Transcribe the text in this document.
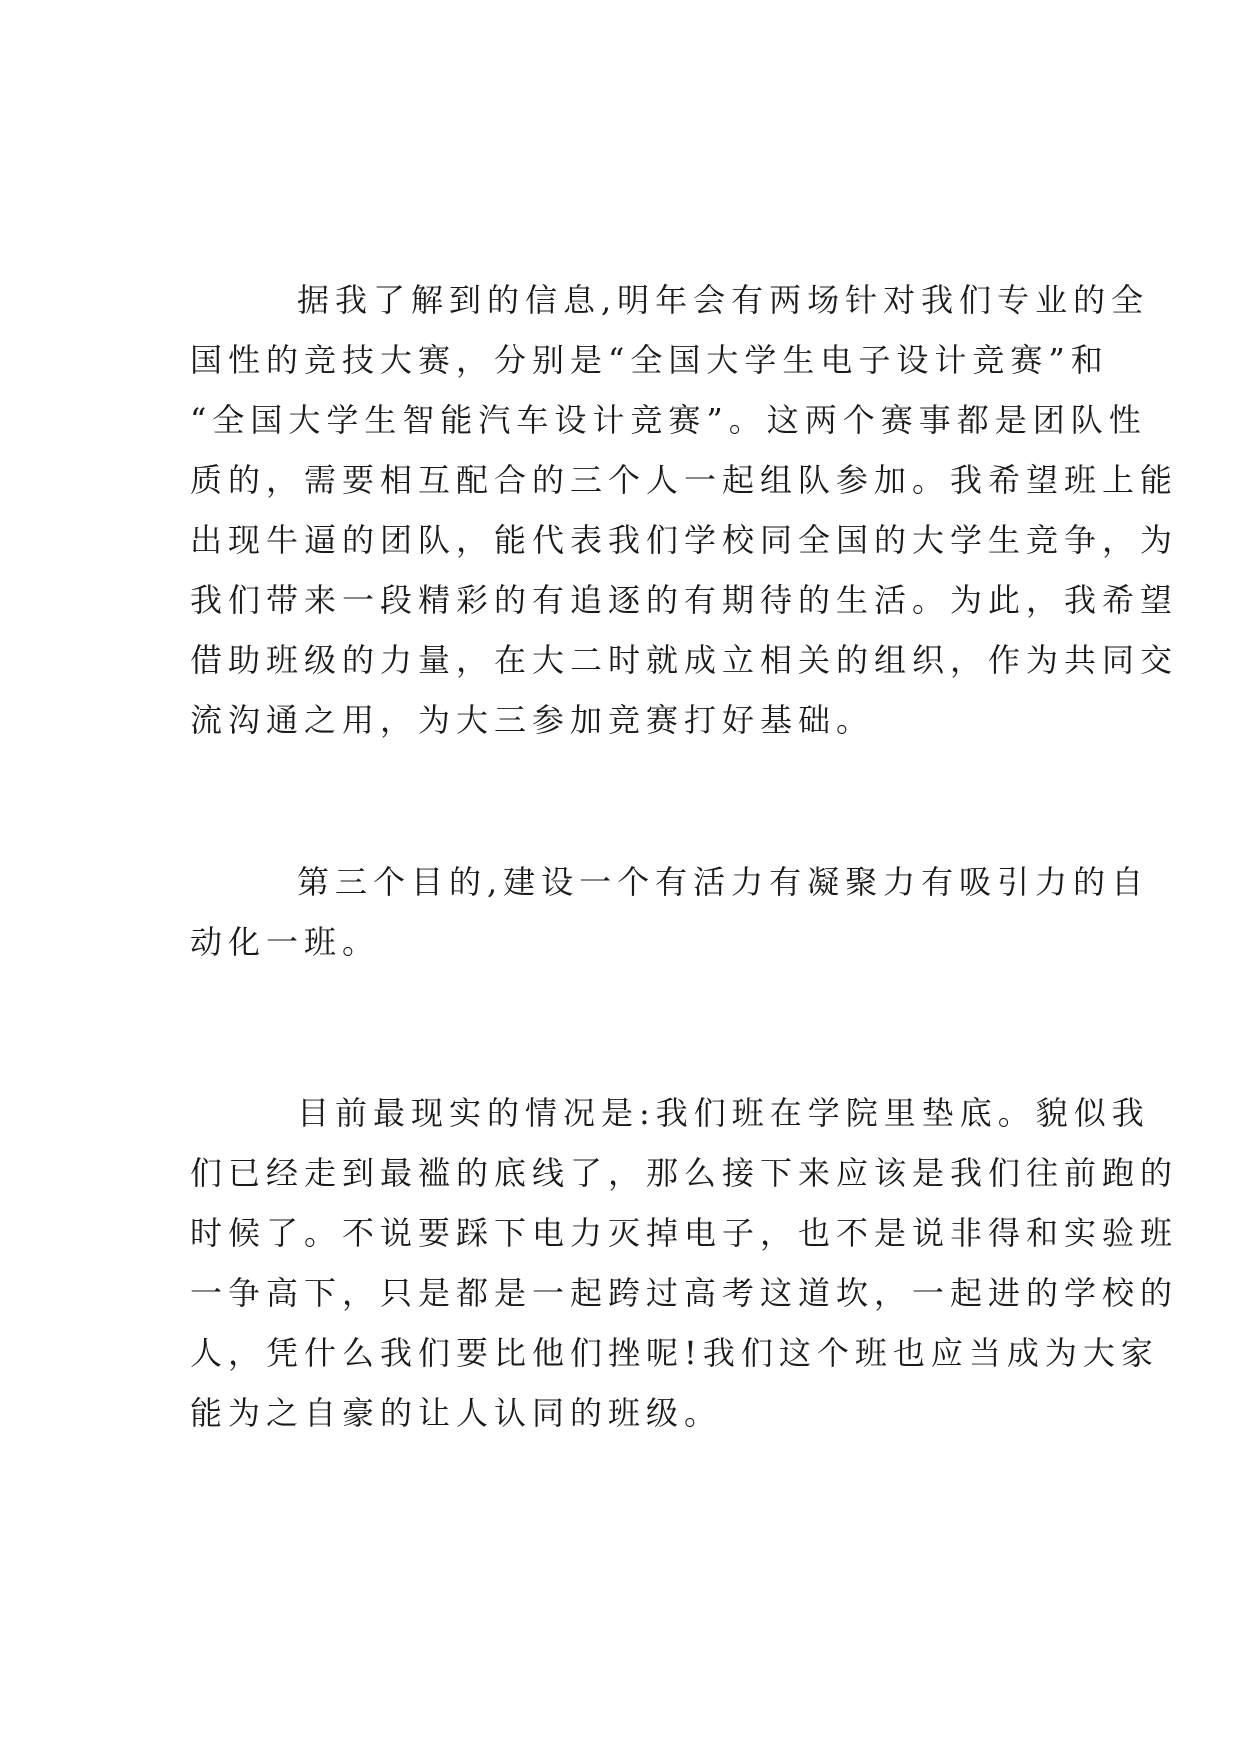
据我了解到的信息,明年会有两场针对我们专业的全
国性的竞技大赛，分别是“全国大学生电子设计竞赛”和
“全国大学生智能汽车设计竞赛”。这两个赛事都是团队性
质的，需要相互配合的三个人一起组队参加。我希望班上能
出现牛逼的团队，能代表我们学校同全国的大学生竞争，为
我们带来一段精彩的有追逐的有期待的生活。为此，我希望
借助班级的力量，在大二时就成立相关的组织，作为共同交
流沟通之用，为大三参加竞赛打好基础。
第三个目的,建设一个有活力有凝聚力有吸引力的自
动化一班。
目前最现实的情况是:我们班在学院里垫底。貌似我
们已经走到最褴的底线了，那么接下来应该是我们往前跑的
时候了。不说要踩下电力灭掉电子，也不是说非得和实验班
一争高下，只是都是一起跨过高考这道坎，一起进的学校的
人，凭什么我们要比他们挫呢!我们这个班也应当成为大家
能为之自豪的让人认同的班级。
